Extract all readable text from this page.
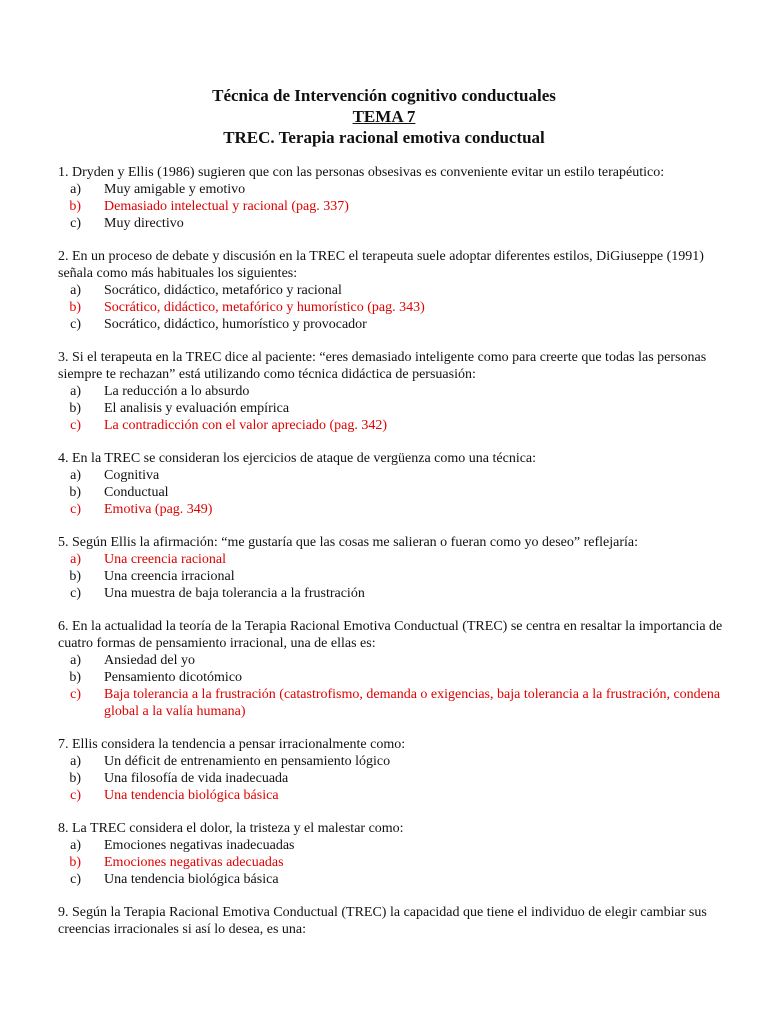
Técnica de Intervención cognitivo conductuales
TEMA 7
TREC. Terapia racional emotiva conductual

1. Dryden y Ellis (1986) sugieren que con las personas obsesivas es conveniente evitar un estilo terapéutico:

a)	Muy amigable y emotivo
b)	Demasiado intelectual y racional (pag. 337)
c)	Muy directivo

2. En un proceso de debate y discusión en la TREC el terapeuta suele adoptar diferentes estilos, DiGiuseppe (1991) señala como más habituales los siguientes:

a)	Socrático, didáctico, metafórico y racional
b)	Socrático, didáctico, metafórico y humorístico (pag. 343)
c)	Socrático, didáctico, humorístico y provocador

3. Si el terapeuta en la TREC dice al paciente: “eres demasiado inteligente como para creerte que todas las personas siempre te rechazan” está utilizando como técnica didáctica de persuasión:

a)	La reducción a lo absurdo
b)	El analisis y evaluación empírica
c)	La contradicción con el valor apreciado (pag. 342)

4. En la TREC se consideran los ejercicios de ataque de vergüenza como una técnica:

a)	Cognitiva
b)	Conductual
c)	Emotiva (pag. 349)

5. Según Ellis la afirmación: “me gustaría que las cosas me salieran o fueran como yo deseo” reflejaría:

a)	Una creencia racional
b)	Una creencia irracional
c)	Una muestra de baja tolerancia a la frustración

6. En la actualidad la teoría de la Terapia Racional Emotiva Conductual (TREC) se centra en resaltar la importancia de cuatro formas de pensamiento irracional, una de ellas es:

a)	Ansiedad del yo
b)	Pensamiento dicotómico
c)	Baja tolerancia a la frustración (catastrofismo, demanda o exigencias, baja tolerancia a la frustración, condena global a la valía humana)

7. Ellis considera la tendencia a pensar irracionalmente como:

a)	Un déficit de entrenamiento en pensamiento lógico
b)	Una filosofía de vida inadecuada
c)	Una tendencia biológica básica

8. La TREC considera el dolor, la tristeza y el malestar como:

a)	Emociones negativas inadecuadas
b)	Emociones negativas adecuadas
c)	Una tendencia biológica básica

9. Según la Terapia Racional Emotiva Conductual (TREC) la capacidad que tiene el individuo de elegir cambiar sus creencias irracionales si así lo desea, es una:
